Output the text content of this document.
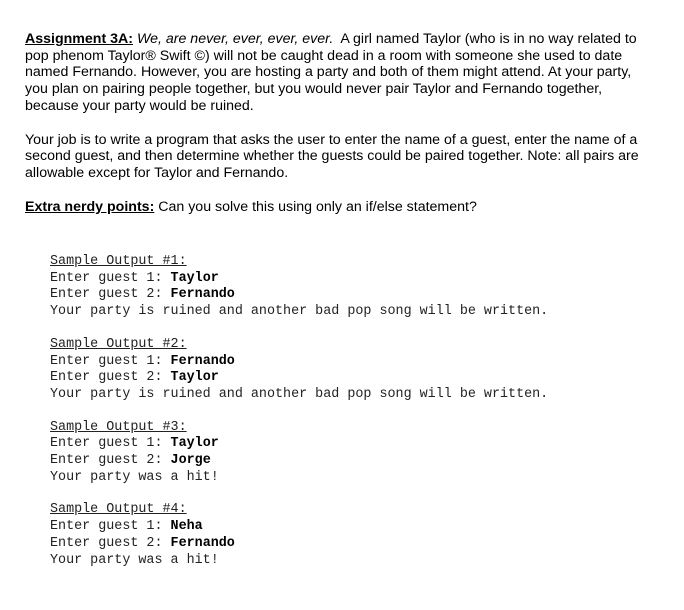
Assignment 3A: We, are never, ever, ever, ever. A girl named Taylor (who is in no way related to pop phenom Taylor® Swift ©) will not be caught dead in a room with someone she used to date named Fernando. However, you are hosting a party and both of them might attend. At your party, you plan on pairing people together, but you would never pair Taylor and Fernando together, because your party would be ruined.

Your job is to write a program that asks the user to enter the name of a guest, enter the name of a second guest, and then determine whether the guests could be paired together. Note: all pairs are allowable except for Taylor and Fernando.

Extra nerdy points: Can you solve this using only an if/else statement?

Sample Output #1:
Enter guest 1: Taylor
Enter guest 2: Fernando
Your party is ruined and another bad pop song will be written.
Sample Output #2:
Enter guest 1: Fernando
Enter guest 2: Taylor
Your party is ruined and another bad pop song will be written.
Sample Output #3:
Enter guest 1: Taylor
Enter guest 2: Jorge
Your party was a hit!
Sample Output #4:
Enter guest 1: Neha
Enter guest 2: Fernando
Your party was a hit!
